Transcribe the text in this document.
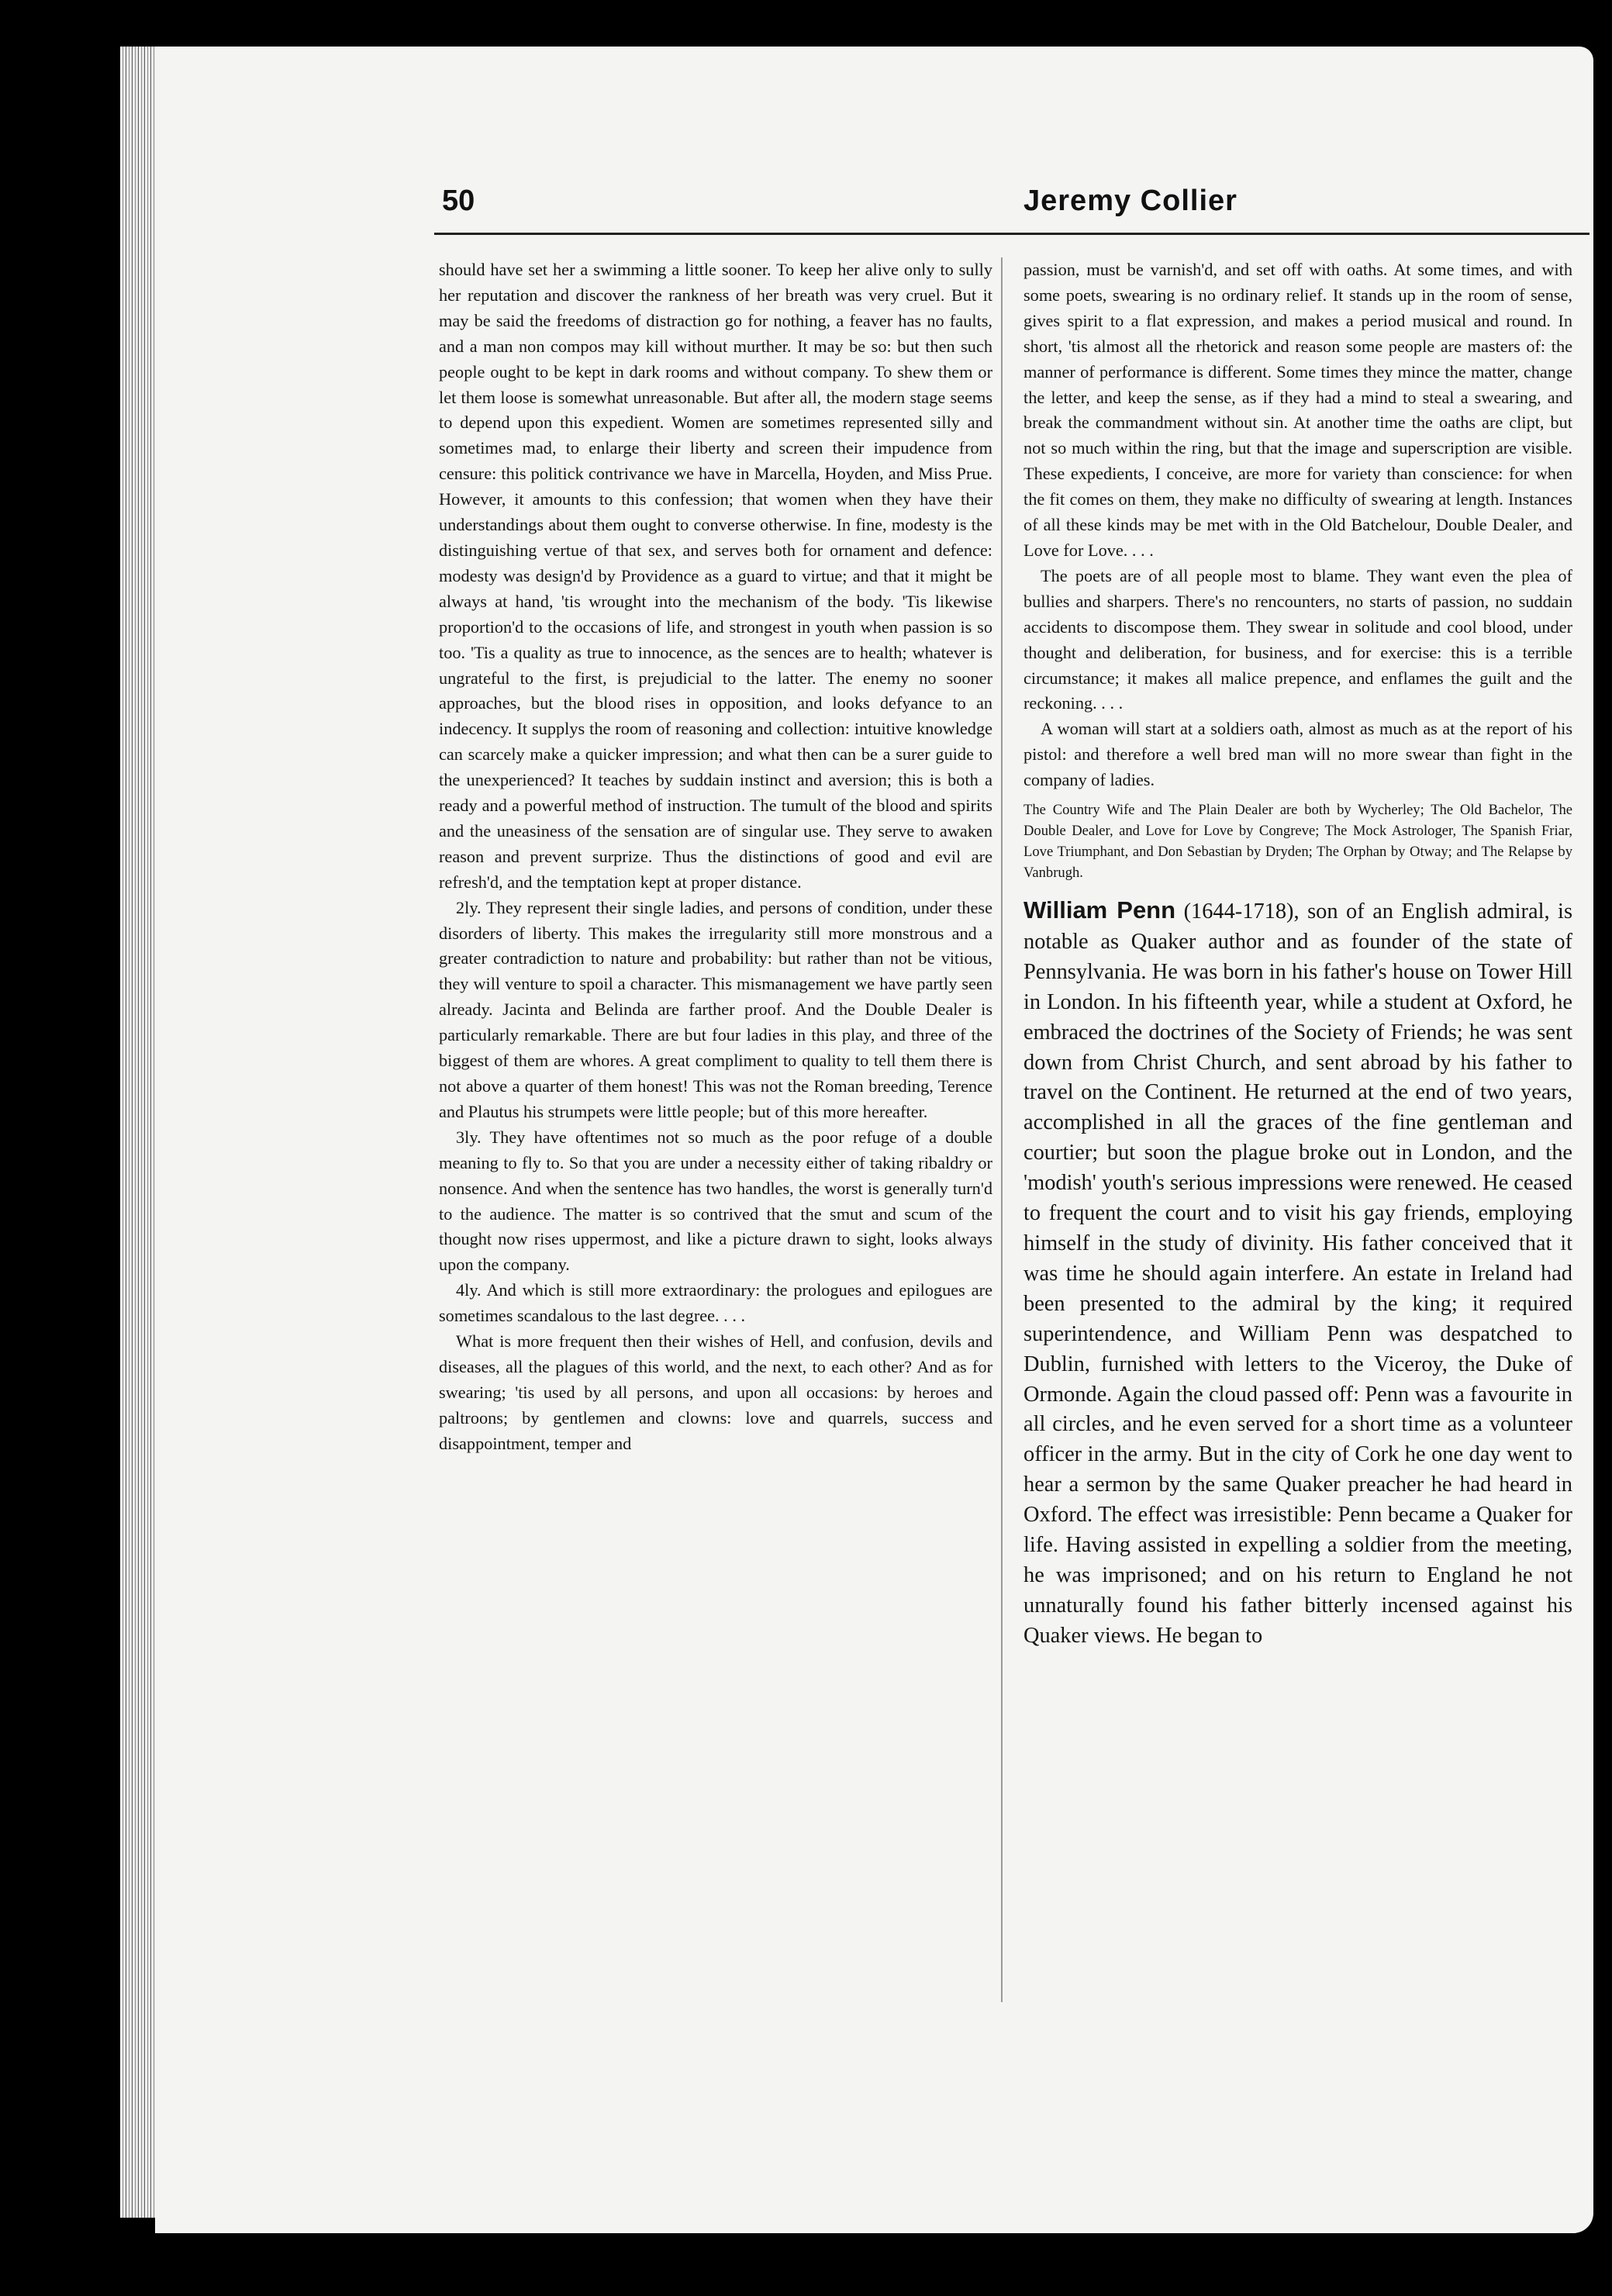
50	Jeremy Collier

should have set her a swimming a little sooner. To keep her alive only to sully her reputation and discover the rankness of her breath was very cruel. But it may be said the freedoms of distraction go for nothing, a feaver has no faults, and a man non compos may kill without murther. It may be so: but then such people ought to be kept in dark rooms and without company. To shew them or let them loose is somewhat unreasonable. But after all, the modern stage seems to depend upon this expedient. Women are sometimes represented silly and sometimes mad, to enlarge their liberty and screen their impudence from censure: this politick contrivance we have in Marcella, Hoyden, and Miss Prue. However, it amounts to this confession; that women when they have their understandings about them ought to converse otherwise. In fine, modesty is the distinguishing vertue of that sex, and serves both for ornament and defence: modesty was design'd by Providence as a guard to virtue; and that it might be always at hand, 'tis wrought into the mechanism of the body. 'Tis likewise proportion'd to the occasions of life, and strongest in youth when passion is so too. 'Tis a quality as true to innocence, as the sences are to health; whatever is ungrateful to the first, is prejudicial to the latter. The enemy no sooner approaches, but the blood rises in opposition, and looks defyance to an indecency. It supplys the room of reasoning and collection: intuitive knowledge can scarcely make a quicker impression; and what then can be a surer guide to the unexperienced? It teaches by suddain instinct and aversion; this is both a ready and a powerful method of instruction. The tumult of the blood and spirits and the uneasiness of the sensation are of singular use. They serve to awaken reason and prevent surprize. Thus the distinctions of good and evil are refresh'd, and the temptation kept at proper distance.

2ly. They represent their single ladies, and persons of condition, under these disorders of liberty. This makes the irregularity still more monstrous and a greater contradiction to nature and probability: but rather than not be vitious, they will venture to spoil a character. This mismanagement we have partly seen already. Jacinta and Belinda are farther proof. And the Double Dealer is particularly remarkable. There are but four ladies in this play, and three of the biggest of them are whores. A great compliment to quality to tell them there is not above a quarter of them honest! This was not the Roman breeding, Terence and Plautus his strumpets were little people; but of this more hereafter.

3ly. They have oftentimes not so much as the poor refuge of a double meaning to fly to. So that you are under a necessity either of taking ribaldry or nonsence. And when the sentence has two handles, the worst is generally turn'd to the audience. The matter is so contrived that the smut and scum of the thought now rises uppermost, and like a picture drawn to sight, looks always upon the company.

4ly. And which is still more extraordinary: the prologues and epilogues are sometimes scandalous to the last degree. . . .

What is more frequent then their wishes of Hell, and confusion, devils and diseases, all the plagues of this world, and the next, to each other? And as for swearing; 'tis used by all persons, and upon all occasions: by heroes and paltroons; by gentlemen and clowns: love and quarrels, success and disappointment, temper and

passion, must be varnish'd, and set off with oaths. At some times, and with some poets, swearing is no ordinary relief. It stands up in the room of sense, gives spirit to a flat expression, and makes a period musical and round. In short, 'tis almost all the rhetorick and reason some people are masters of: the manner of performance is different. Some times they mince the matter, change the letter, and keep the sense, as if they had a mind to steal a swearing, and break the commandment without sin. At another time the oaths are clipt, but not so much within the ring, but that the image and superscription are visible. These expedients, I conceive, are more for variety than conscience: for when the fit comes on them, they make no difficulty of swearing at length. Instances of all these kinds may be met with in the Old Batchelour, Double Dealer, and Love for Love. . . .

The poets are of all people most to blame. They want even the plea of bullies and sharpers. There's no rencounters, no starts of passion, no suddain accidents to discompose them. They swear in solitude and cool blood, under thought and deliberation, for business, and for exercise: this is a terrible circumstance; it makes all malice prepence, and enflames the guilt and the reckoning. . . .

A woman will start at a soldiers oath, almost as much as at the report of his pistol: and therefore a well bred man will no more swear than fight in the company of ladies.

The Country Wife and The Plain Dealer are both by Wycherley; The Old Bachelor, The Double Dealer, and Love for Love by Congreve; The Mock Astrologer, The Spanish Friar, Love Triumphant, and Don Sebastian by Dryden; The Orphan by Otway; and The Relapse by Vanbrugh.

William Penn (1644-1718), son of an English admiral, is notable as Quaker author and as founder of the state of Pennsylvania. He was born in his father's house on Tower Hill in London. In his fifteenth year, while a student at Oxford, he embraced the doctrines of the Society of Friends; he was sent down from Christ Church, and sent abroad by his father to travel on the Continent. He returned at the end of two years, accomplished in all the graces of the fine gentleman and courtier; but soon the plague broke out in London, and the 'modish' youth's serious impressions were renewed. He ceased to frequent the court and to visit his gay friends, employing himself in the study of divinity. His father conceived that it was time he should again interfere. An estate in Ireland had been presented to the admiral by the king; it required superintendence, and William Penn was despatched to Dublin, furnished with letters to the Viceroy, the Duke of Ormonde. Again the cloud passed off: Penn was a favourite in all circles, and he even served for a short time as a volunteer officer in the army. But in the city of Cork he one day went to hear a sermon by the same Quaker preacher he had heard in Oxford. The effect was irresistible: Penn became a Quaker for life. Having assisted in expelling a soldier from the meeting, he was imprisoned; and on his return to England he not unnaturally found his father bitterly incensed against his Quaker views. He began to
